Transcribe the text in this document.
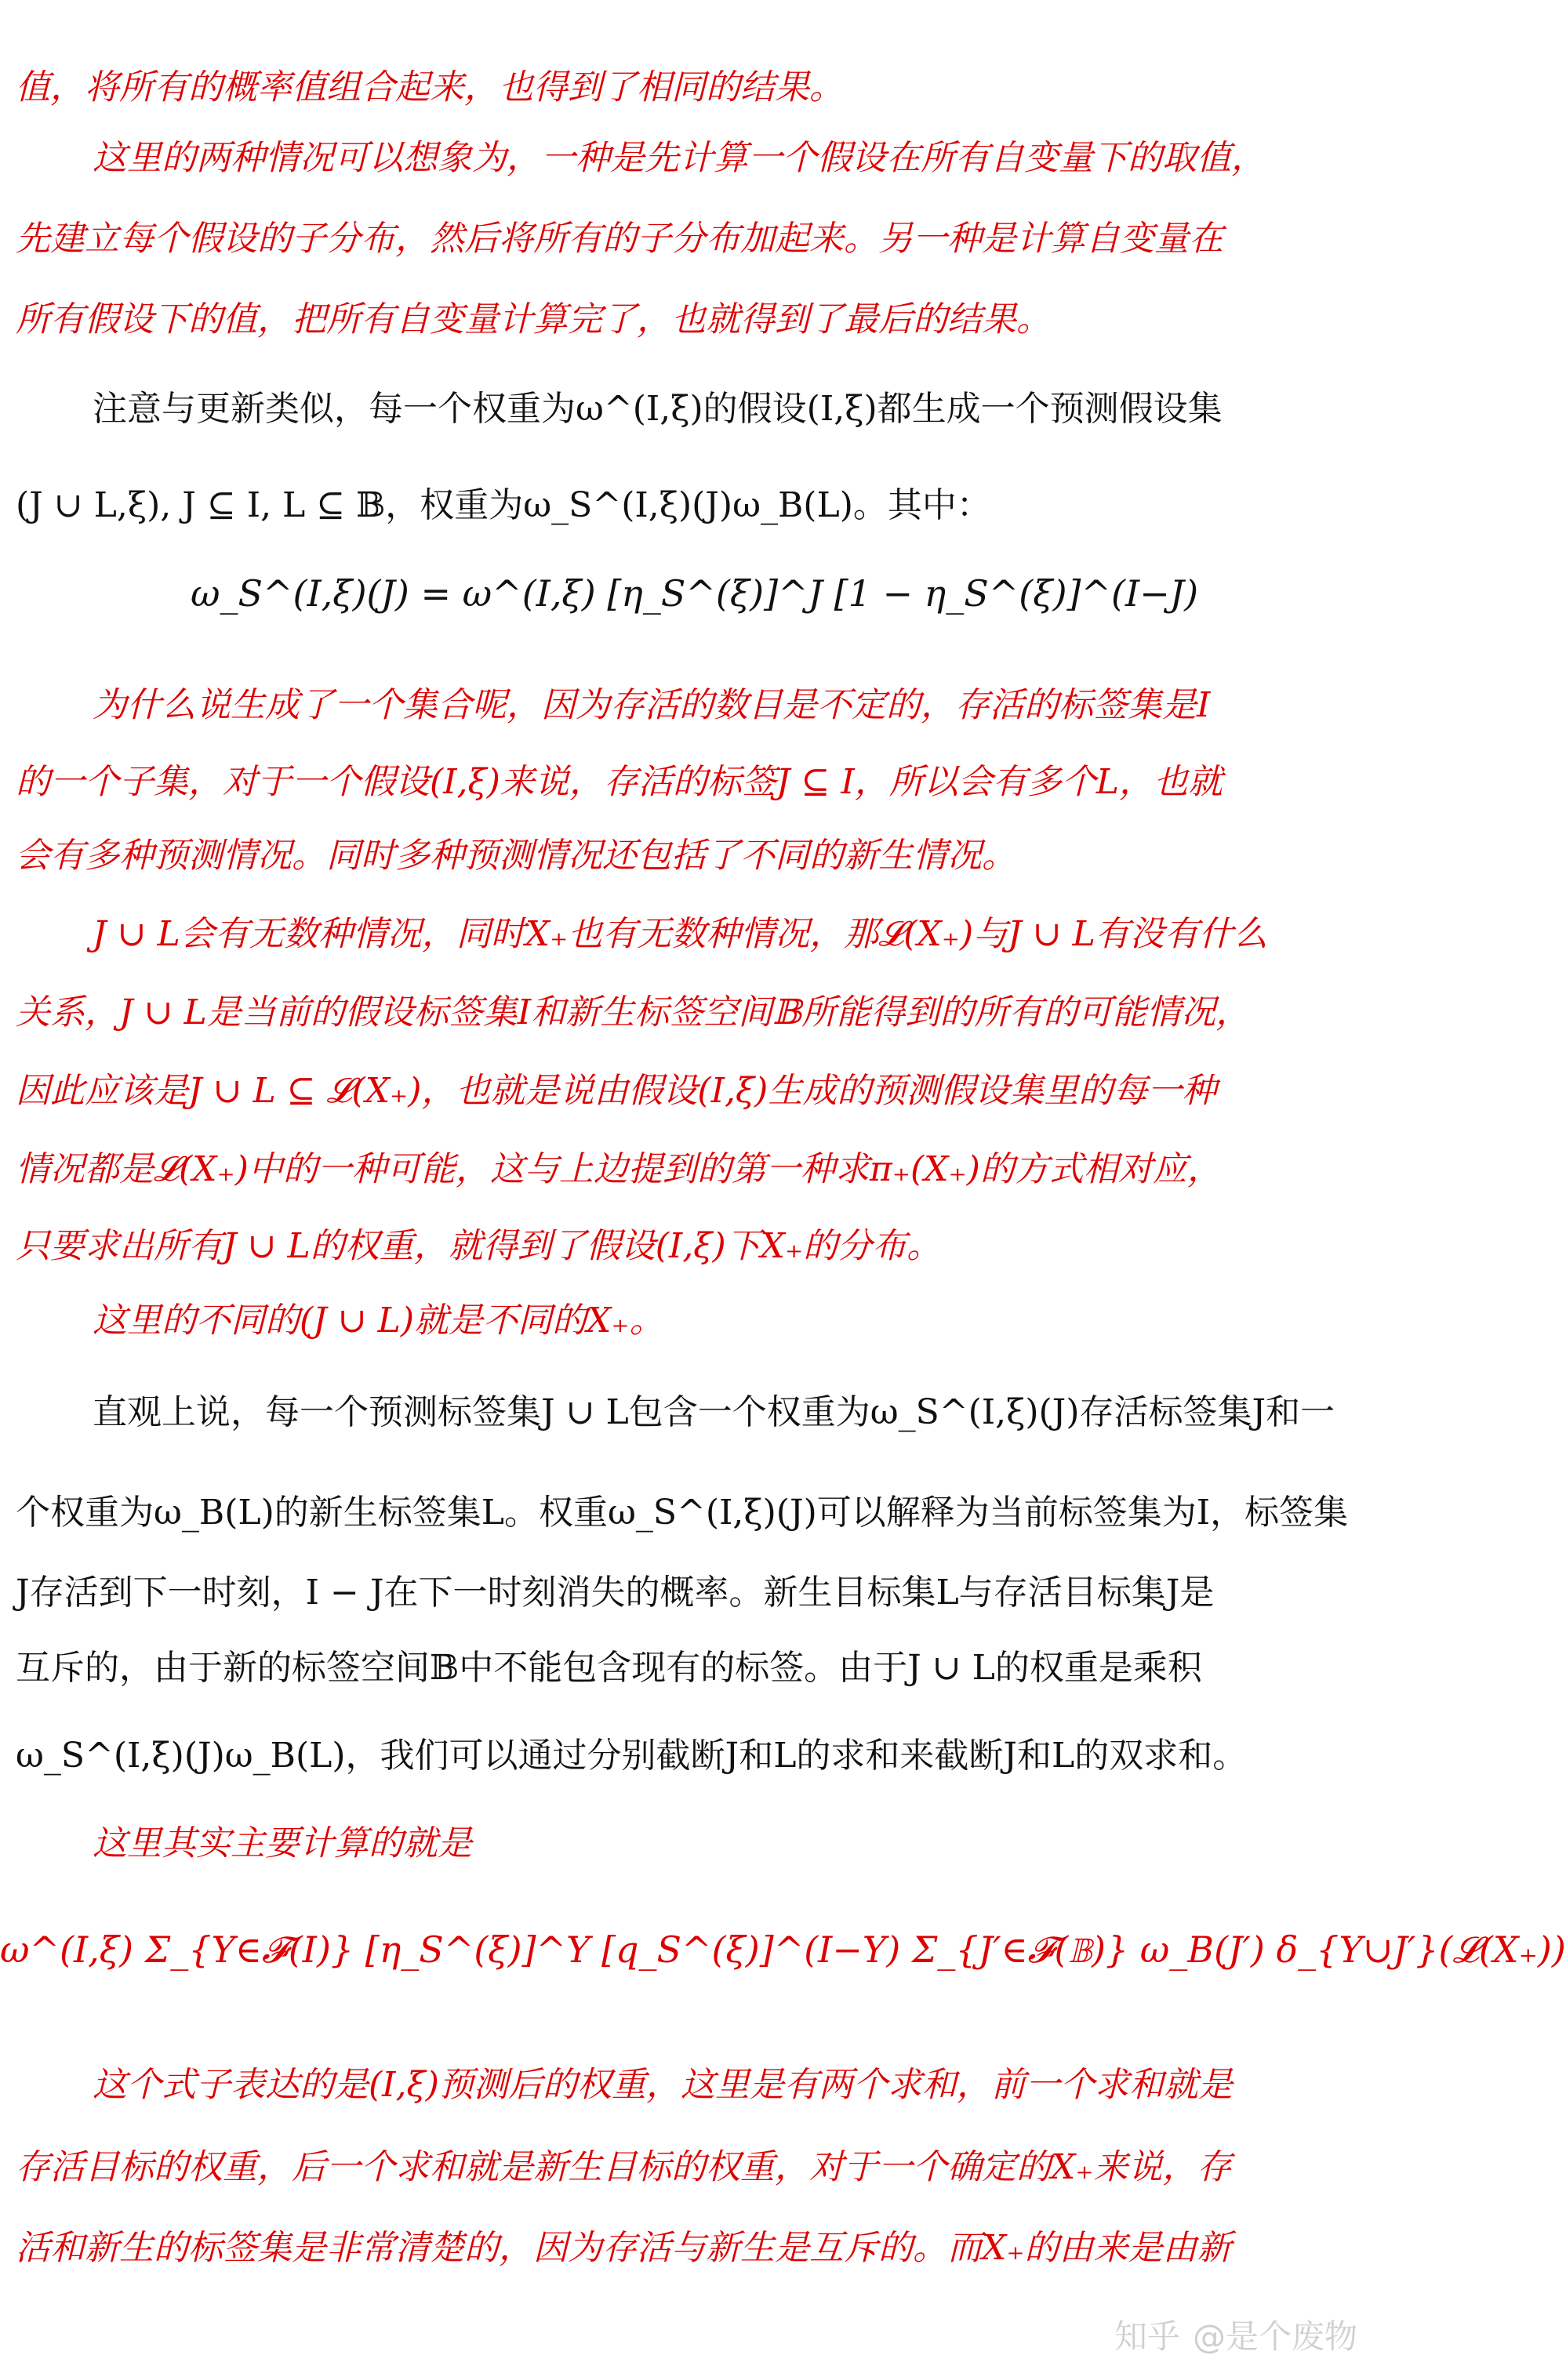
值，将所有的概率值组合起来，也得到了相同的结果。
这里的两种情况可以想象为，一种是先计算一个假设在所有自变量下的取值，
先建立每个假设的子分布，然后将所有的子分布加起来。另一种是计算自变量在
所有假设下的值，把所有自变量计算完了，也就得到了最后的结果。
注意与更新类似，每一个权重为ω^(I,ξ)的假设(I,ξ)都生成一个预测假设集
(J ∪ L,ξ), J ⊆ I, L ⊆ 𝔹，权重为ω_S^(I,ξ)(J)ω_B(L)。其中：
ω_S^(I,ξ)(J) = ω^(I,ξ) [η_S^(ξ)]^J [1 − η_S^(ξ)]^(I−J)
为什么说生成了一个集合呢，因为存活的数目是不定的，存活的标签集是I
的一个子集，对于一个假设(I,ξ)来说，存活的标签J ⊆ I，所以会有多个L，也就
会有多种预测情况。同时多种预测情况还包括了不同的新生情况。
J ∪ L会有无数种情况，同时X₊也有无数种情况，那𝓛(X₊)与J ∪ L有没有什么
关系，J ∪ L是当前的假设标签集I和新生标签空间𝔹所能得到的所有的可能情况，
因此应该是J ∪ L ⊆ 𝓛(X₊)，也就是说由假设(I,ξ)生成的预测假设集里的每一种
情况都是𝓛(X₊)中的一种可能，这与上边提到的第一种求π₊(X₊)的方式相对应，
只要求出所有J ∪ L的权重，就得到了假设(I,ξ)下X₊的分布。
这里的不同的(J ∪ L)就是不同的X₊。
直观上说，每一个预测标签集J ∪ L包含一个权重为ω_S^(I,ξ)(J)存活标签集J和一
个权重为ω_B(L)的新生标签集L。权重ω_S^(I,ξ)(J)可以解释为当前标签集为I，标签集
J存活到下一时刻，I − J在下一时刻消失的概率。新生目标集L与存活目标集J是
互斥的，由于新的标签空间𝔹中不能包含现有的标签。由于J ∪ L的权重是乘积
ω_S^(I,ξ)(J)ω_B(L)，我们可以通过分别截断J和L的求和来截断J和L的双求和。
这里其实主要计算的就是
ω^(I,ξ) Σ_{Y∈𝓕(I)} [η_S^(ξ)]^Y [q_S^(ξ)]^(I−Y) Σ_{J′∈𝓕(𝔹)} ω_B(J′) δ_{Y∪J′}(𝓛(X₊))
这个式子表达的是(I,ξ)预测后的权重，这里是有两个求和，前一个求和就是
存活目标的权重，后一个求和就是新生目标的权重，对于一个确定的X₊来说，存
活和新生的标签集是非常清楚的，因为存活与新生是互斥的。而X₊的由来是由新
知乎 @是个废物
